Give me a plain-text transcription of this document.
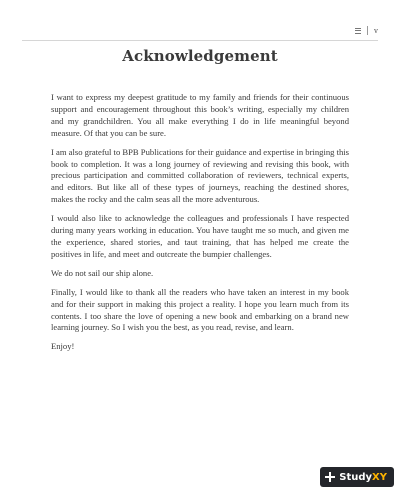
v
Acknowledgement

I want to express my deepest gratitude to my family and friends for their continuous support and encouragement throughout this book’s writing, especially my children and my grandchildren. You all make everything I do in life meaningful beyond measure. Of that you can be sure.

I am also grateful to BPB Publications for their guidance and expertise in bringing this book to completion. It was a long journey of reviewing and revising this book, with precious participation and committed collaboration of reviewers, technical experts, and editors. But like all of these types of journeys, reaching the destined shores, makes the rocky and the calm seas all the more adventurous.

I would also like to acknowledge the colleagues and professionals I have respected during many years working in education. You have taught me so much, and given me the experience, shared stories, and taut training, that has helped me create the positives in life, and meet and outcreate the bumpier challenges.

We do not sail our ship alone.

Finally, I would like to thank all the readers who have taken an interest in my book and for their support in making this project a reality. I hope you learn much from its contents. I too share the love of opening a new book and embarking on a brand new learning journey. So I wish you the best, as you read, revise, and learn.

Enjoy!

StudyXY
